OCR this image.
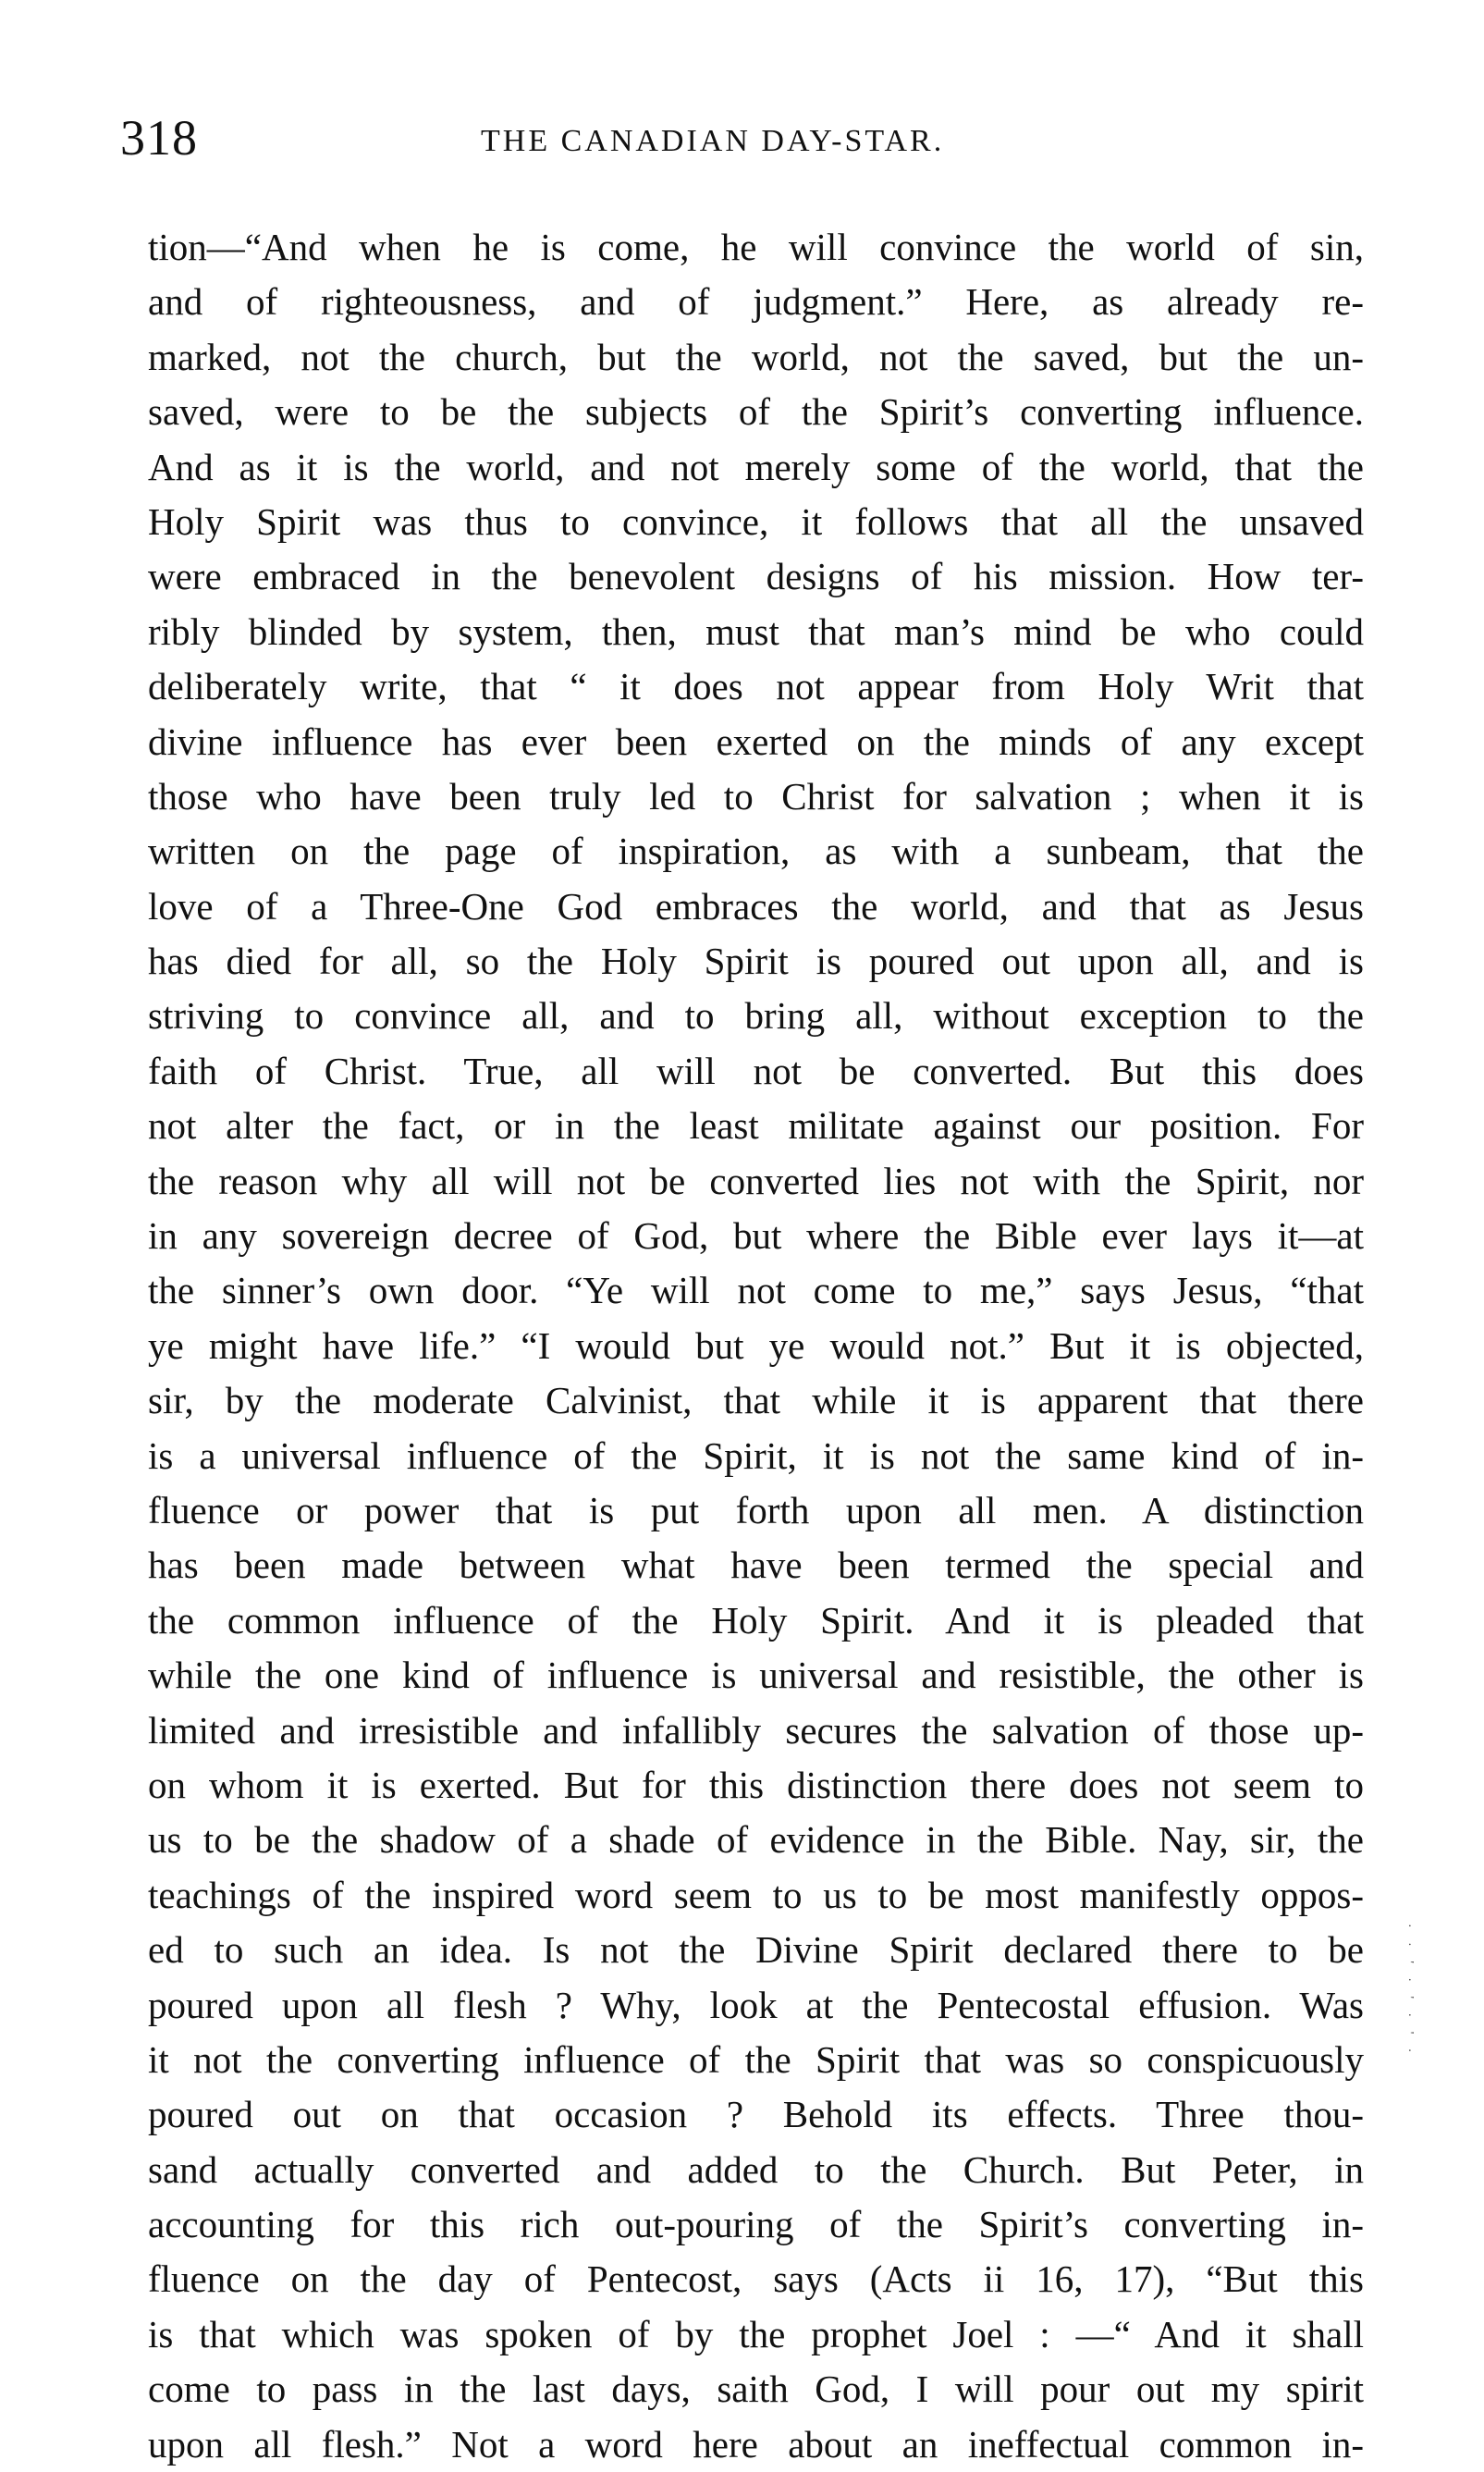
318	THE CANADIAN DAY-STAR.
tion—“And when he is come, he will convince the world of sin,
and of righteousness, and of judgment.” Here, as already re-
marked, not the church, but the world, not the saved, but the un-
saved, were to be the subjects of the Spirit’s converting influence.
And as it is the world, and not merely some of the world, that the
Holy Spirit was thus to convince, it follows that all the unsaved
were embraced in the benevolent designs of his mission. How ter-
ribly blinded by system, then, must that man’s mind be who could
deliberately write, that “ it does not appear from Holy Writ that
divine influence has ever been exerted on the minds of any except
those who have been truly led to Christ for salvation ; when it is
written on the page of inspiration, as with a sunbeam, that the
love of a Three-One God embraces the world, and that as Jesus
has died for all, so the Holy Spirit is poured out upon all, and is
striving to convince all, and to bring all, without exception to the
faith of Christ. True, all will not be converted. But this does
not alter the fact, or in the least militate against our position. For
the reason why all will not be converted lies not with the Spirit, nor
in any sovereign decree of God, but where the Bible ever lays it—at
the sinner’s own door. “Ye will not come to me,” says Jesus, “that
ye might have life.” “I would but ye would not.” But it is objected,
sir, by the moderate Calvinist, that while it is apparent that there
is a universal influence of the Spirit, it is not the same kind of in-
fluence or power that is put forth upon all men. A distinction
has been made between what have been termed the special and
the common influence of the Holy Spirit. And it is pleaded that
while the one kind of influence is universal and resistible, the other is
limited and irresistible and infallibly secures the salvation of those up-
on whom it is exerted. But for this distinction there does not seem to
us to be the shadow of a shade of evidence in the Bible. Nay, sir, the
teachings of the inspired word seem to us to be most manifestly oppos-
ed to such an idea. Is not the Divine Spirit declared there to be
poured upon all flesh ? Why, look at the Pentecostal effusion. Was
it not the converting influence of the Spirit that was so conspicuously
poured out on that occasion ? Behold its effects. Three thou-
sand actually converted and added to the Church. But Peter, in
accounting for this rich out-pouring of the Spirit’s converting in-
fluence on the day of Pentecost, says (Acts ii 16, 17), “But this
is that which was spoken of by the prophet Joel : —“ And it shall
come to pass in the last days, saith God, I will pour out my spirit
upon all flesh.” Not a word here about an ineffectual common in-
· · ' · ' · ' ·
